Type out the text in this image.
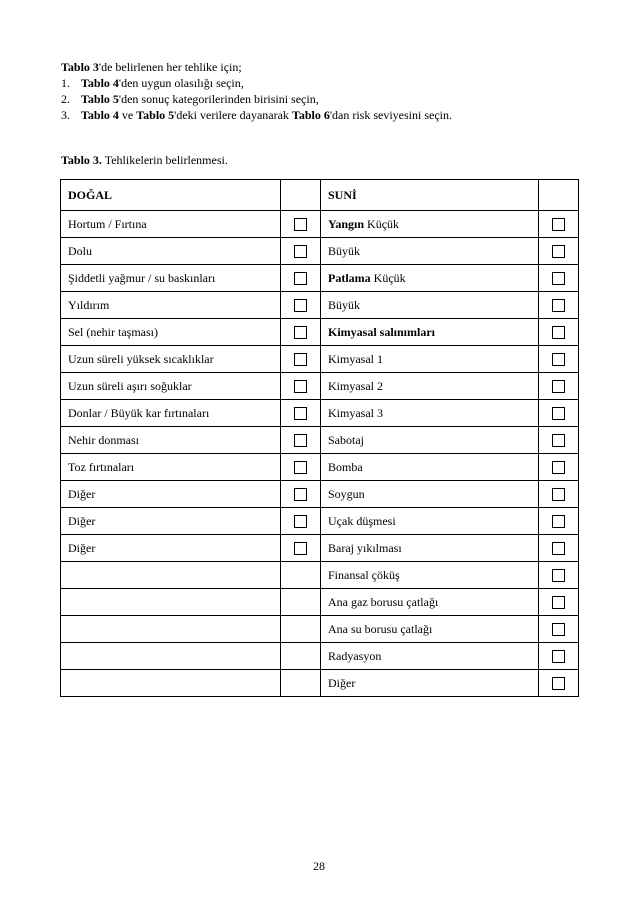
Tablo 3'de belirlenen her tehlike için;
1. Tablo 4'den uygun olasılığı seçin,
2. Tablo 5'den sonuç kategorilerinden birisini seçin,
3. Tablo 4 ve Tablo 5'deki verilere dayanarak Tablo 6'dan risk seviyesini seçin.
Tablo 3. Tehlikelerin belirlenmesi.
DOĞAL		SUNİ	
Hortum / Fırtına		Yangın Küçük	
Dolu		Büyük	
Şiddetli yağmur / su baskınları		Patlama Küçük	
Yıldırım		Büyük	
Sel (nehir taşması)		Kimyasal salınımları	
Uzun süreli yüksek sıcaklıklar		Kimyasal 1	
Uzun süreli aşırı soğuklar		Kimyasal 2	
Donlar / Büyük kar fırtınaları		Kimyasal 3	
Nehir donması		Sabotaj	
Toz fırtınaları		Bomba	
Diğer		Soygun	
Diğer		Uçak düşmesi	
Diğer		Baraj yıkılması	
		Finansal çöküş	
		Ana gaz borusu çatlağı	
		Ana su borusu çatlağı	
		Radyasyon	
		Diğer	
28
